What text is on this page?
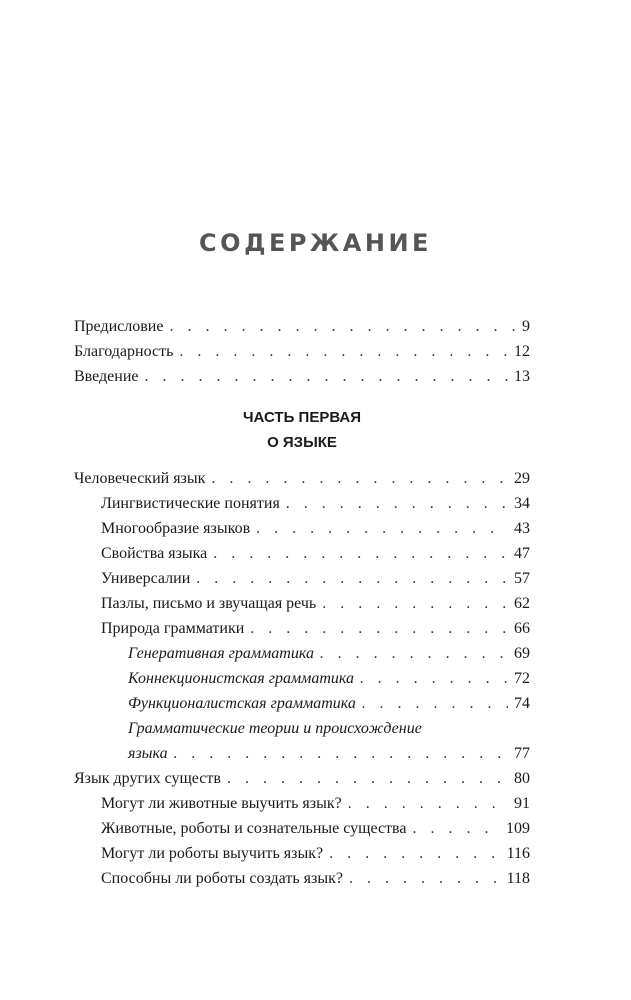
СОДЕРЖАНИЕ
Предисловие . . .	9
Благодарность . . .	12
Введение . . .	13
ЧАСТЬ ПЕРВАЯ
О ЯЗЫКЕ
Человеческий язык . . .	29
Лингвистические понятия . . .	34
Многообразие языков . . .	43
Свойства языка . . .	47
Универсалии . . .	57
Пазлы, письмо и звучащая речь . . .	62
Природа грамматики . . .	66
Генеративная грамматика . . .	69
Коннекционистская грамматика . . .	72
Функционалистская грамматика . . .	74
Грамматические теории и происхождение
языка . . .	77
Язык других существ . . .	80
Могут ли животные выучить язык? . . .	91
Животные, роботы и сознательные существа . . .	109
Могут ли роботы выучить язык? . . .	116
Способны ли роботы создать язык? . . .	118
